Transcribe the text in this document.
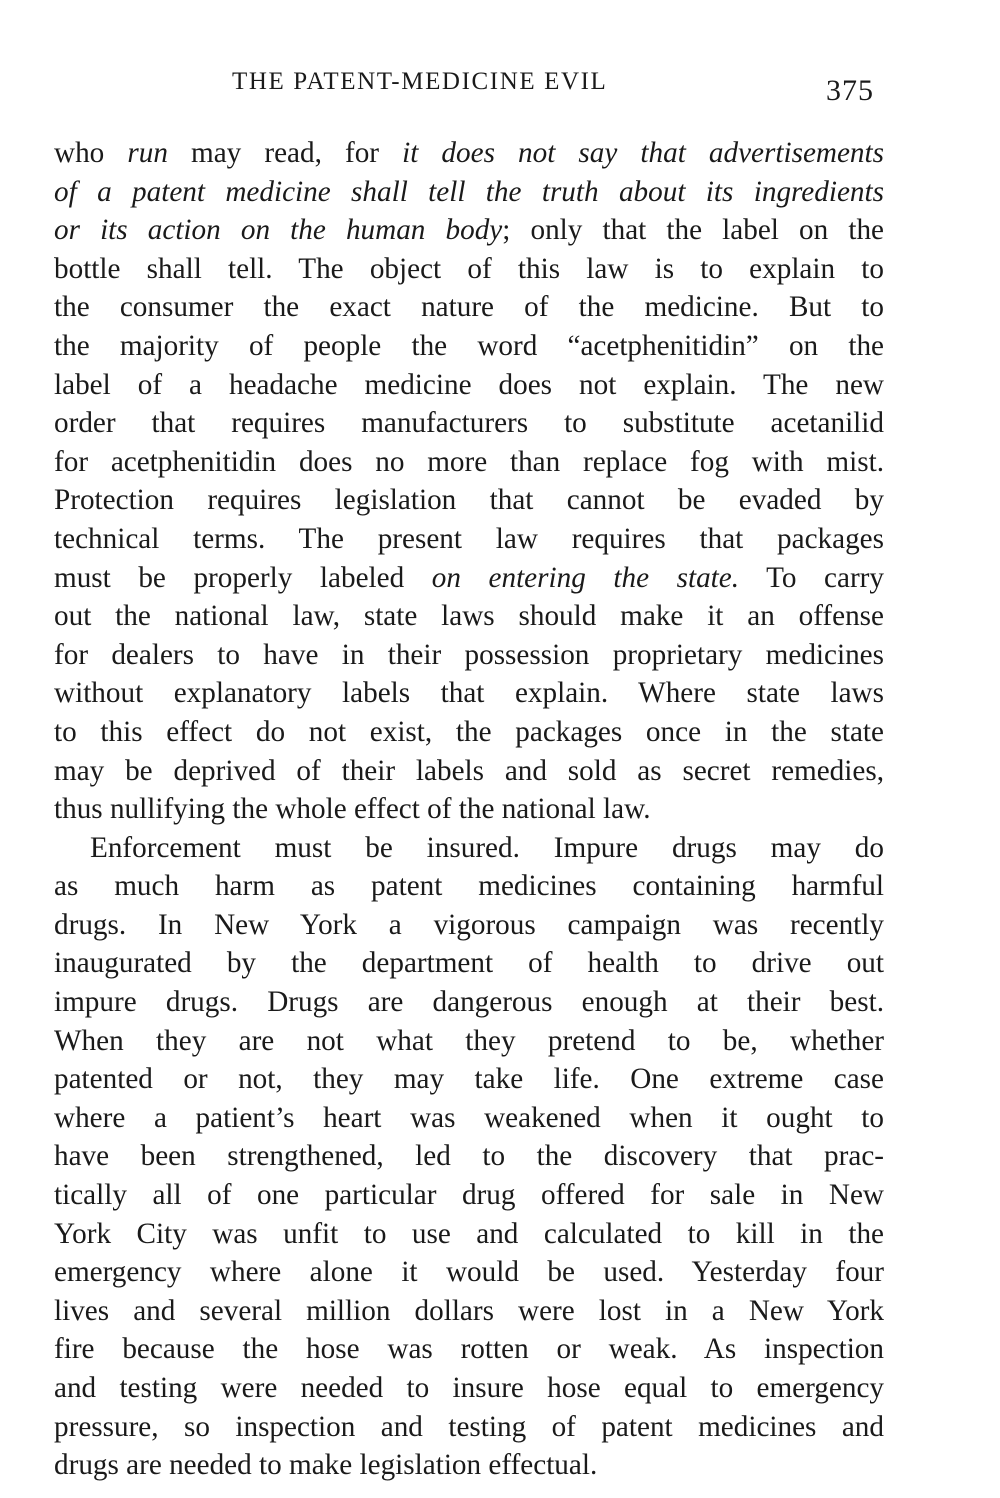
THE PATENT-MEDICINE EVIL	375
who run may read, for it does not say that advertisements
of a patent medicine shall tell the truth about its ingredients
or its action on the human body; only that the label on the
bottle shall tell. The object of this law is to explain to
the consumer the exact nature of the medicine. But to
the majority of people the word “acetphenitidin” on the
label of a headache medicine does not explain. The new
order that requires manufacturers to substitute acetanilid
for acetphenitidin does no more than replace fog with mist.
Protection requires legislation that cannot be evaded by
technical terms. The present law requires that packages
must be properly labeled on entering the state. To carry
out the national law, state laws should make it an offense
for dealers to have in their possession proprietary medicines
without explanatory labels that explain. Where state laws
to this effect do not exist, the packages once in the state
may be deprived of their labels and sold as secret remedies,
thus nullifying the whole effect of the national law.
Enforcement must be insured. Impure drugs may do
as much harm as patent medicines containing harmful
drugs. In New York a vigorous campaign was recently
inaugurated by the department of health to drive out
impure drugs. Drugs are dangerous enough at their best.
When they are not what they pretend to be, whether
patented or not, they may take life. One extreme case
where a patient’s heart was weakened when it ought to
have been strengthened, led to the discovery that prac-
tically all of one particular drug offered for sale in New
York City was unfit to use and calculated to kill in the
emergency where alone it would be used. Yesterday four
lives and several million dollars were lost in a New York
fire because the hose was rotten or weak. As inspection
and testing were needed to insure hose equal to emergency
pressure, so inspection and testing of patent medicines and
drugs are needed to make legislation effectual.
